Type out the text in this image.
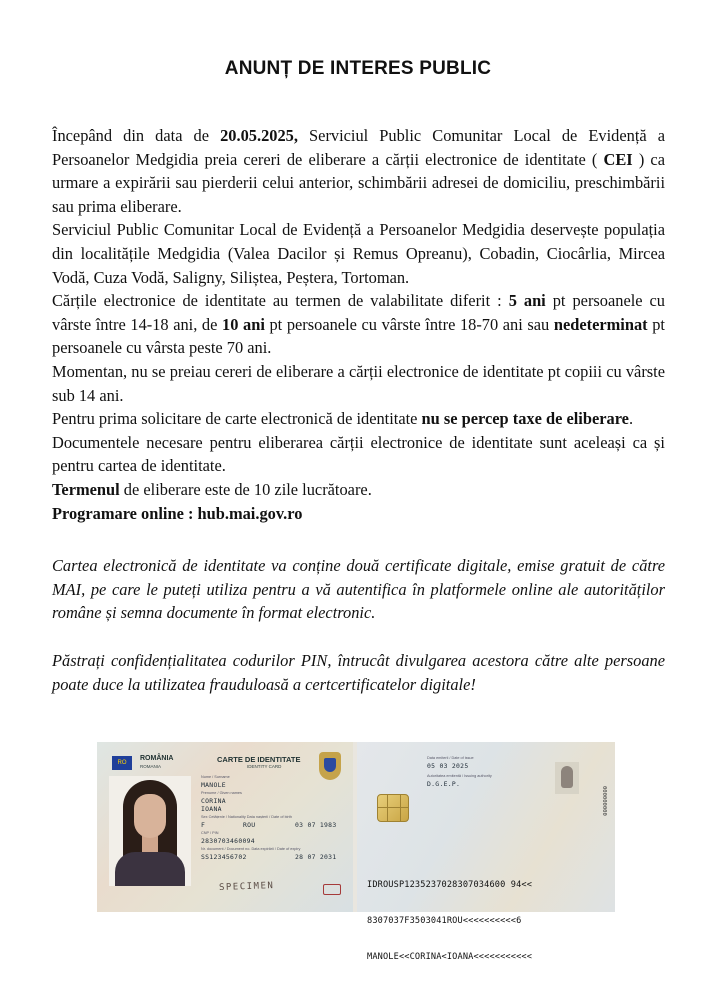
ANUNȚ DE INTERES PUBLIC

Începând din data de 20.05.2025, Serviciul Public Comunitar Local de Evidență a Persoanelor Medgidia preia cereri de eliberare a cărții electronice de identitate ( CEI ) ca urmare a expirării sau pierderii celui anterior, schimbării adresei de domiciliu, preschimbării sau prima eliberare.

Serviciul Public Comunitar Local de Evidență a Persoanelor Medgidia deservește populația din localitățile Medgidia (Valea Dacilor și Remus Opreanu), Cobadin, Ciocârlia, Mircea Vodă, Cuza Vodă, Saligny, Siliștea, Peștera, Tortoman.

Cărțile electronice de identitate au termen de valabilitate diferit : 5 ani pt persoanele cu vârste între 14-18 ani, de 10 ani pt persoanele cu vârste între 18-70 ani sau nedeterminat pt persoanele cu vârsta peste 70 ani.

Momentan, nu se preiau cereri de eliberare a cărții electronice de identitate pt copiii cu vârste sub 14 ani.

Pentru prima solicitare de carte electronică de identitate nu se percep taxe de eliberare.

Documentele necesare pentru eliberarea cărții electronice de identitate sunt aceleași ca și pentru cartea de identitate.

Termenul de eliberare este de 10 zile lucrătoare.

Programare online : hub.mai.gov.ro

Cartea electronică de identitate va conține două certificate digitale, emise gratuit de către MAI, pe care le puteți utiliza pentru a vă autentifica în platformele online ale autorităților române și semna documente în format electronic.
Păstrați confidențialitatea codurilor PIN, întrucât divulgarea acestora către alte persoane poate duce la utilizatea frauduloasă a certcertificatelor digitale!
RO
ROMÂNIA
ROMANIA
CARTE DE IDENTITATE
IDENTITY CARD
Nume / Surname
MANOLE
Prenume / Given names
CORINA
IOANA
Sex Cetățenie / Nationality Data nașterii / Date of birth
F	ROU	03 07 1983
CNP / PIN
2830703460094
Nr. document / Document no. Data expirării / Date of expiry
SS123456702	28 07 2031
SPECIMEN
Data emiterii / Date of issue
05 03 2025
Autoritatea emitentă / Issuing authority
D.G.E.P.
000000000

IDROUSP1235237028307034600 94<<

8307037F3503041ROU<<<<<<<<<<6

MANOLE<<CORINA<IOANA<<<<<<<<<<<
